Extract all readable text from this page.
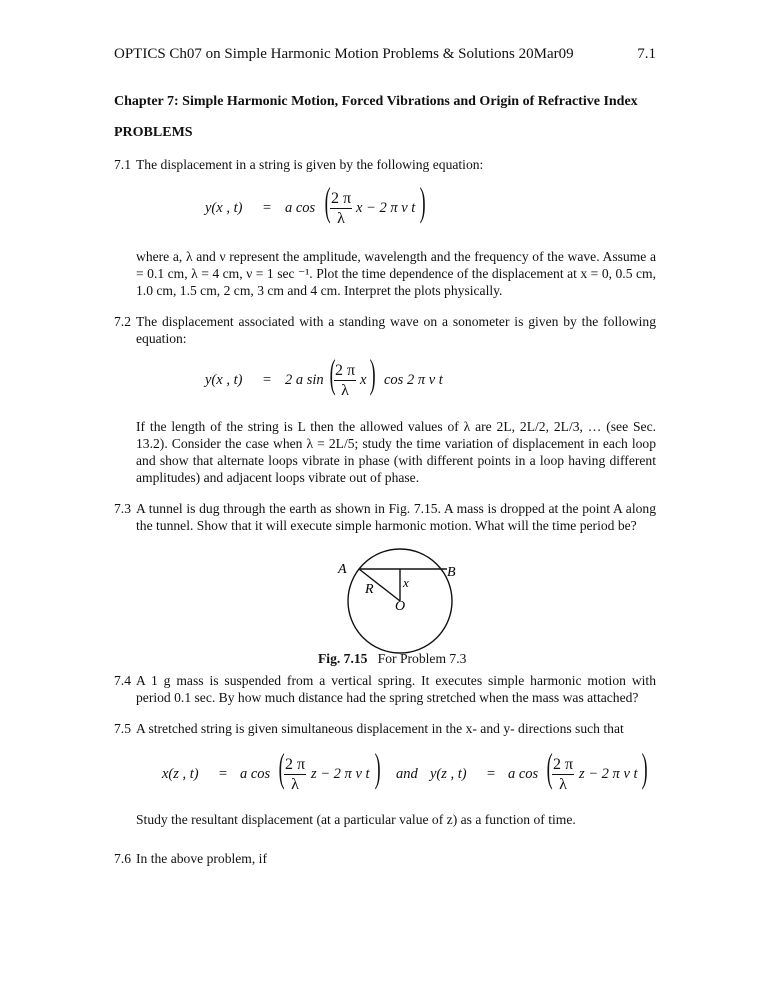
OPTICS Ch07 on Simple Harmonic Motion Problems & Solutions 20Mar09	7.1
Chapter 7: Simple Harmonic Motion, Forced Vibrations and Origin of Refractive Index
PROBLEMS
7.1 The displacement in a string is given by the following equation:
y(x , t) = a cos ( 2 π
λ
x − 2 π ν t )
where a, λ and ν represent the amplitude, wavelength and the frequency of the wave. Assume a = 0.1 cm, λ = 4 cm, ν = 1 sec ⁻¹. Plot the time dependence of the displacement at x = 0, 0.5 cm, 1.0 cm, 1.5 cm, 2 cm, 3 cm and 4 cm. Interpret the plots physically.
7.2 The displacement associated with a standing wave on a sonometer is given by the following equation:
y(x , t) = 2 a sin ( 2 π
λ
x ) cos 2 π ν t
If the length of the string is L then the allowed values of λ are 2L, 2L/2, 2L/3, … (see Sec. 13.2). Consider the case when λ = 2L/5; study the time variation of displacement in each loop and show that alternate loops vibrate in phase (with different points in a loop having different amplitudes) and adjacent loops vibrate out of phase.
7.3 A tunnel is dug through the earth as shown in Fig. 7.15. A mass is dropped at the point A along the tunnel. Show that it will execute simple harmonic motion. What will the time period be?
A	B
R x
O
Fig. 7.15 For Problem 7.3
7.4 A 1 g mass is suspended from a vertical spring. It executes simple harmonic motion with period 0.1 sec. By how much distance had the spring stretched when the mass was attached?
7.5 A stretched string is given simultaneous displacement in the x- and y- directions such that
x(z , t) = a cos ( 2 π
λ
z − 2 π ν t ) and y(z , t) = a cos ( 2 π
λ
z − 2 π ν t )
Study the resultant displacement (at a particular value of z) as a function of time.
7.6 In the above problem, if
